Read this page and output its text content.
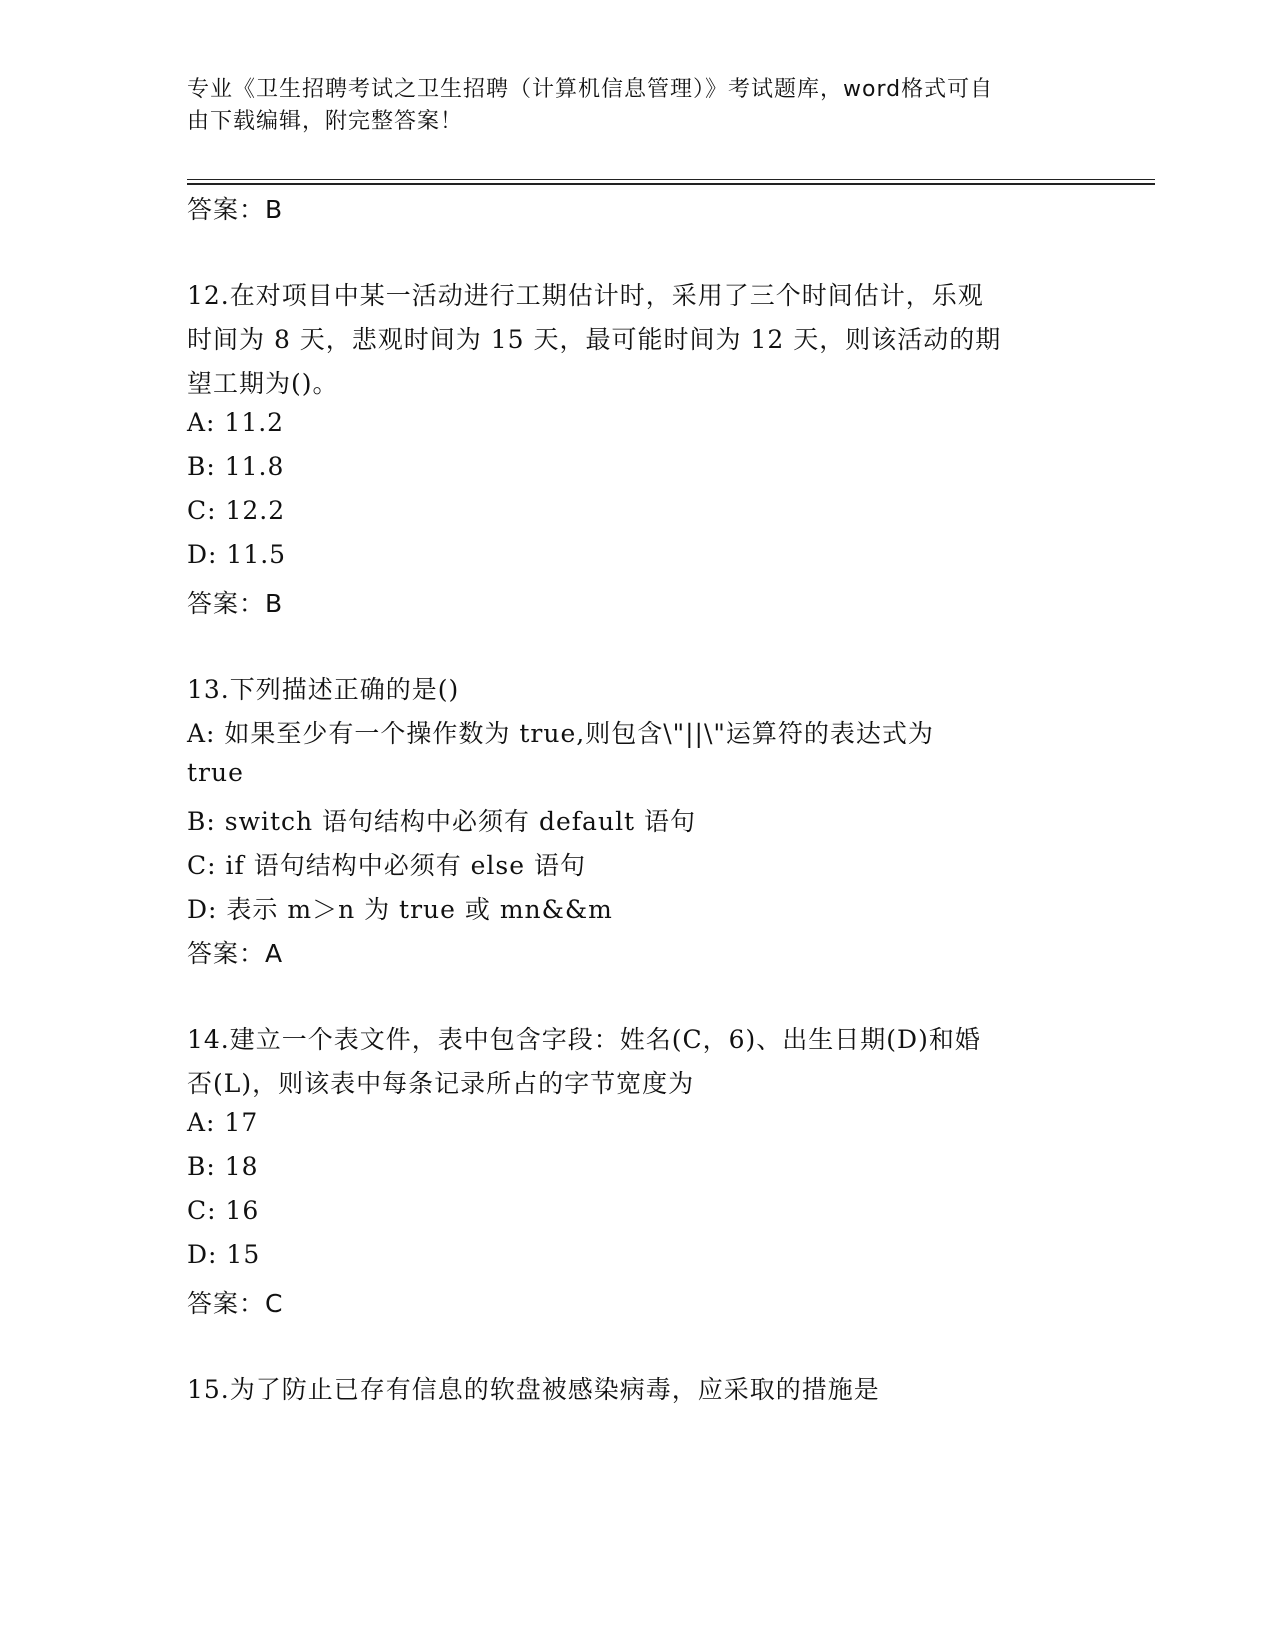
专业《卫生招聘考试之卫生招聘（计算机信息管理）》考试题库，word格式可自
由下载编辑，附完整答案！
答案：B
12.在对项目中某一活动进行工期估计时，采用了三个时间估计，乐观
时间为 8 天，悲观时间为 15 天，最可能时间为 12 天，则该活动的期
望工期为()。
A: 11.2
B: 11.8
C: 12.2
D: 11.5
答案：B
13.下列描述正确的是()
A: 如果至少有一个操作数为 true,则包含\"||\"运算符的表达式为
true
B: switch 语句结构中必须有 default 语句
C: if 语句结构中必须有 else 语句
D: 表示 m＞n 为 true 或 mn&&m
答案：A
14.建立一个表文件，表中包含字段：姓名(C，6)、出生日期(D)和婚
否(L)，则该表中每条记录所占的字节宽度为
A: 17
B: 18
C: 16
D: 15
答案：C
15.为了防止已存有信息的软盘被感染病毒，应采取的措施是
